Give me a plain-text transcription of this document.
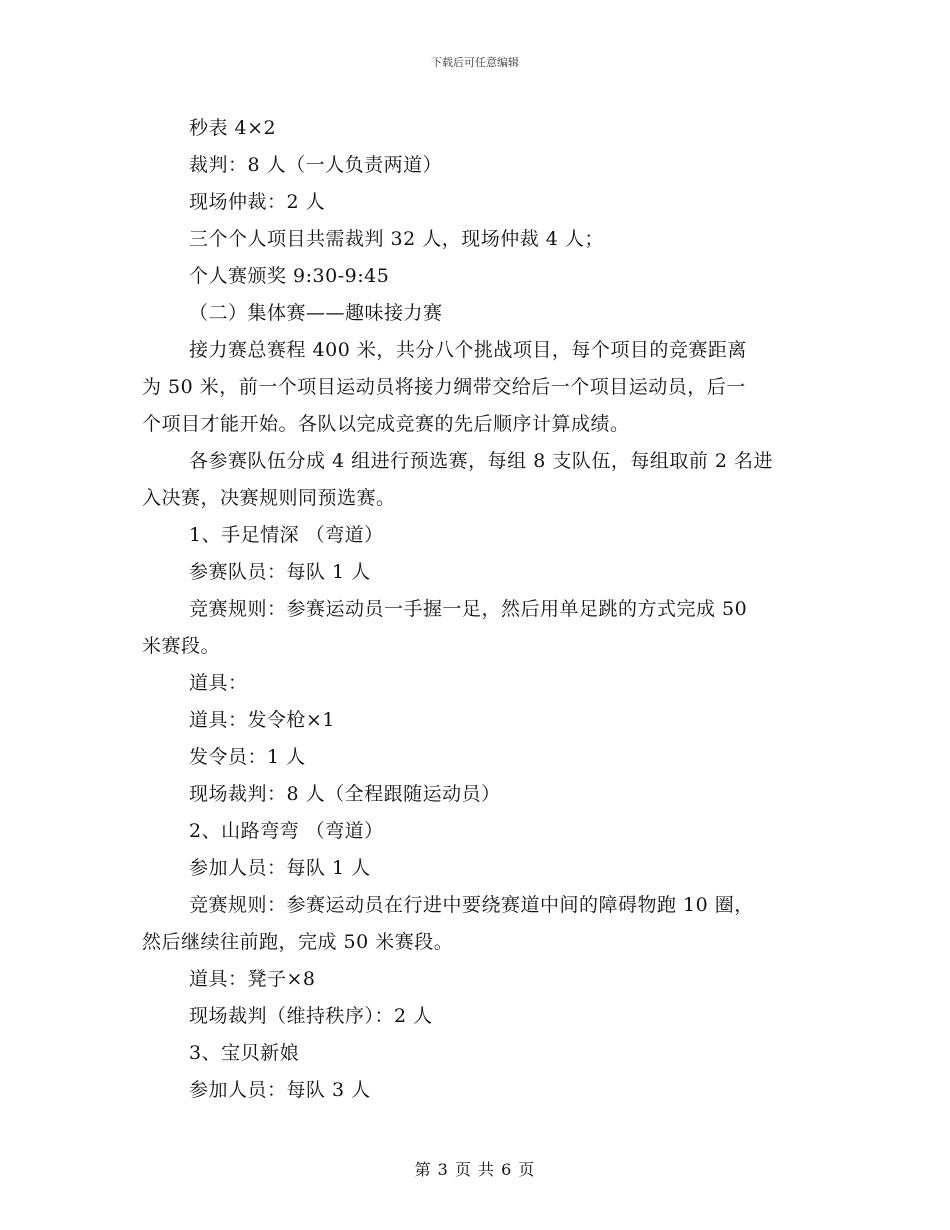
下载后可任意编辑
秒表 4×2
裁判：8 人（一人负责两道）
现场仲裁：2 人
三个个人项目共需裁判 32 人，现场仲裁 4 人；
个人赛颁奖 9:30-9:45
（二）集体赛——趣味接力赛
接力赛总赛程 400 米，共分八个挑战项目，每个项目的竞赛距离
为 50 米，前一个项目运动员将接力绸带交给后一个项目运动员，后一
个项目才能开始。各队以完成竞赛的先后顺序计算成绩。
各参赛队伍分成 4 组进行预选赛，每组 8 支队伍，每组取前 2 名进
入决赛，决赛规则同预选赛。
1、手足情深 （弯道）
参赛队员：每队 1 人
竞赛规则：参赛运动员一手握一足，然后用单足跳的方式完成 50
米赛段。
道具：
道具：发令枪×1
发令员：1 人
现场裁判：8 人（全程跟随运动员）
2、山路弯弯 （弯道）
参加人员：每队 1 人
竞赛规则：参赛运动员在行进中要绕赛道中间的障碍物跑 10 圈，
然后继续往前跑，完成 50 米赛段。
道具：凳子×8
现场裁判（维持秩序）：2 人
3、宝贝新娘
参加人员：每队 3 人
第 3 页 共 6 页
